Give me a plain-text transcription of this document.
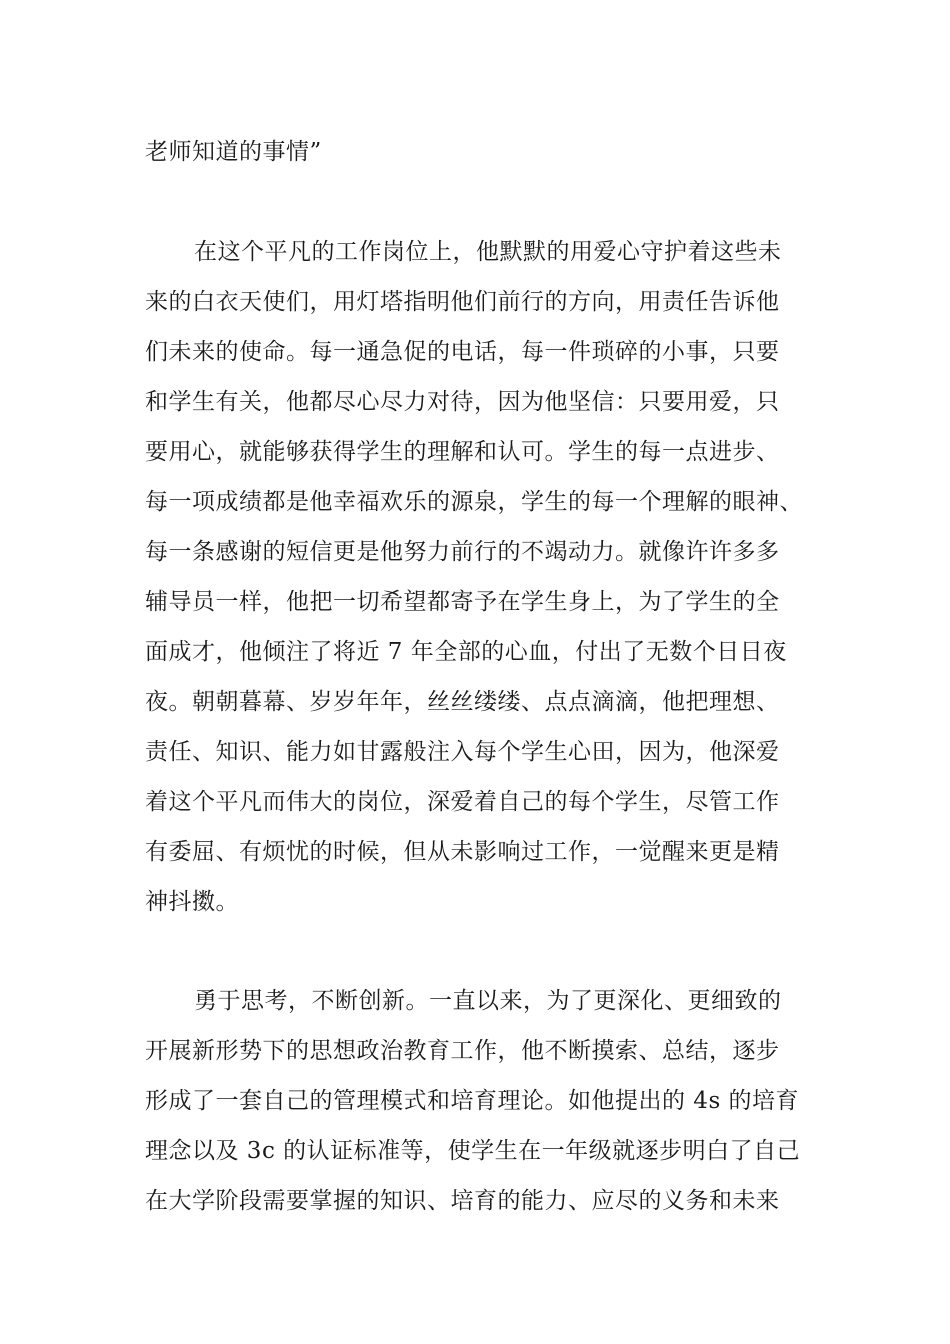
老师知道的事情”

在这个平凡的工作岗位上，他默默的用爱心守护着这些未

来的白衣天使们，用灯塔指明他们前行的方向，用责任告诉他

们未来的使命。每一通急促的电话，每一件琐碎的小事，只要

和学生有关，他都尽心尽力对待，因为他坚信：只要用爱，只

要用心，就能够获得学生的理解和认可。学生的每一点进步、

每一项成绩都是他幸福欢乐的源泉，学生的每一个理解的眼神、

每一条感谢的短信更是他努力前行的不竭动力。就像许许多多

辅导员一样，他把一切希望都寄予在学生身上，为了学生的全

面成才，他倾注了将近 7 年全部的心血，付出了无数个日日夜

夜。朝朝暮幕、岁岁年年，丝丝缕缕、点点滴滴，他把理想、

责任、知识、能力如甘露般注入每个学生心田，因为，他深爱

着这个平凡而伟大的岗位，深爱着自己的每个学生，尽管工作

有委屈、有烦忧的时候，但从未影响过工作，一觉醒来更是精

神抖擞。

勇于思考，不断创新。一直以来，为了更深化、更细致的

开展新形势下的思想政治教育工作，他不断摸索、总结，逐步

形成了一套自己的管理模式和培育理论。如他提出的 4s 的培育

理念以及 3c 的认证标准等，使学生在一年级就逐步明白了自己

在大学阶段需要掌握的知识、培育的能力、应尽的义务和未来
